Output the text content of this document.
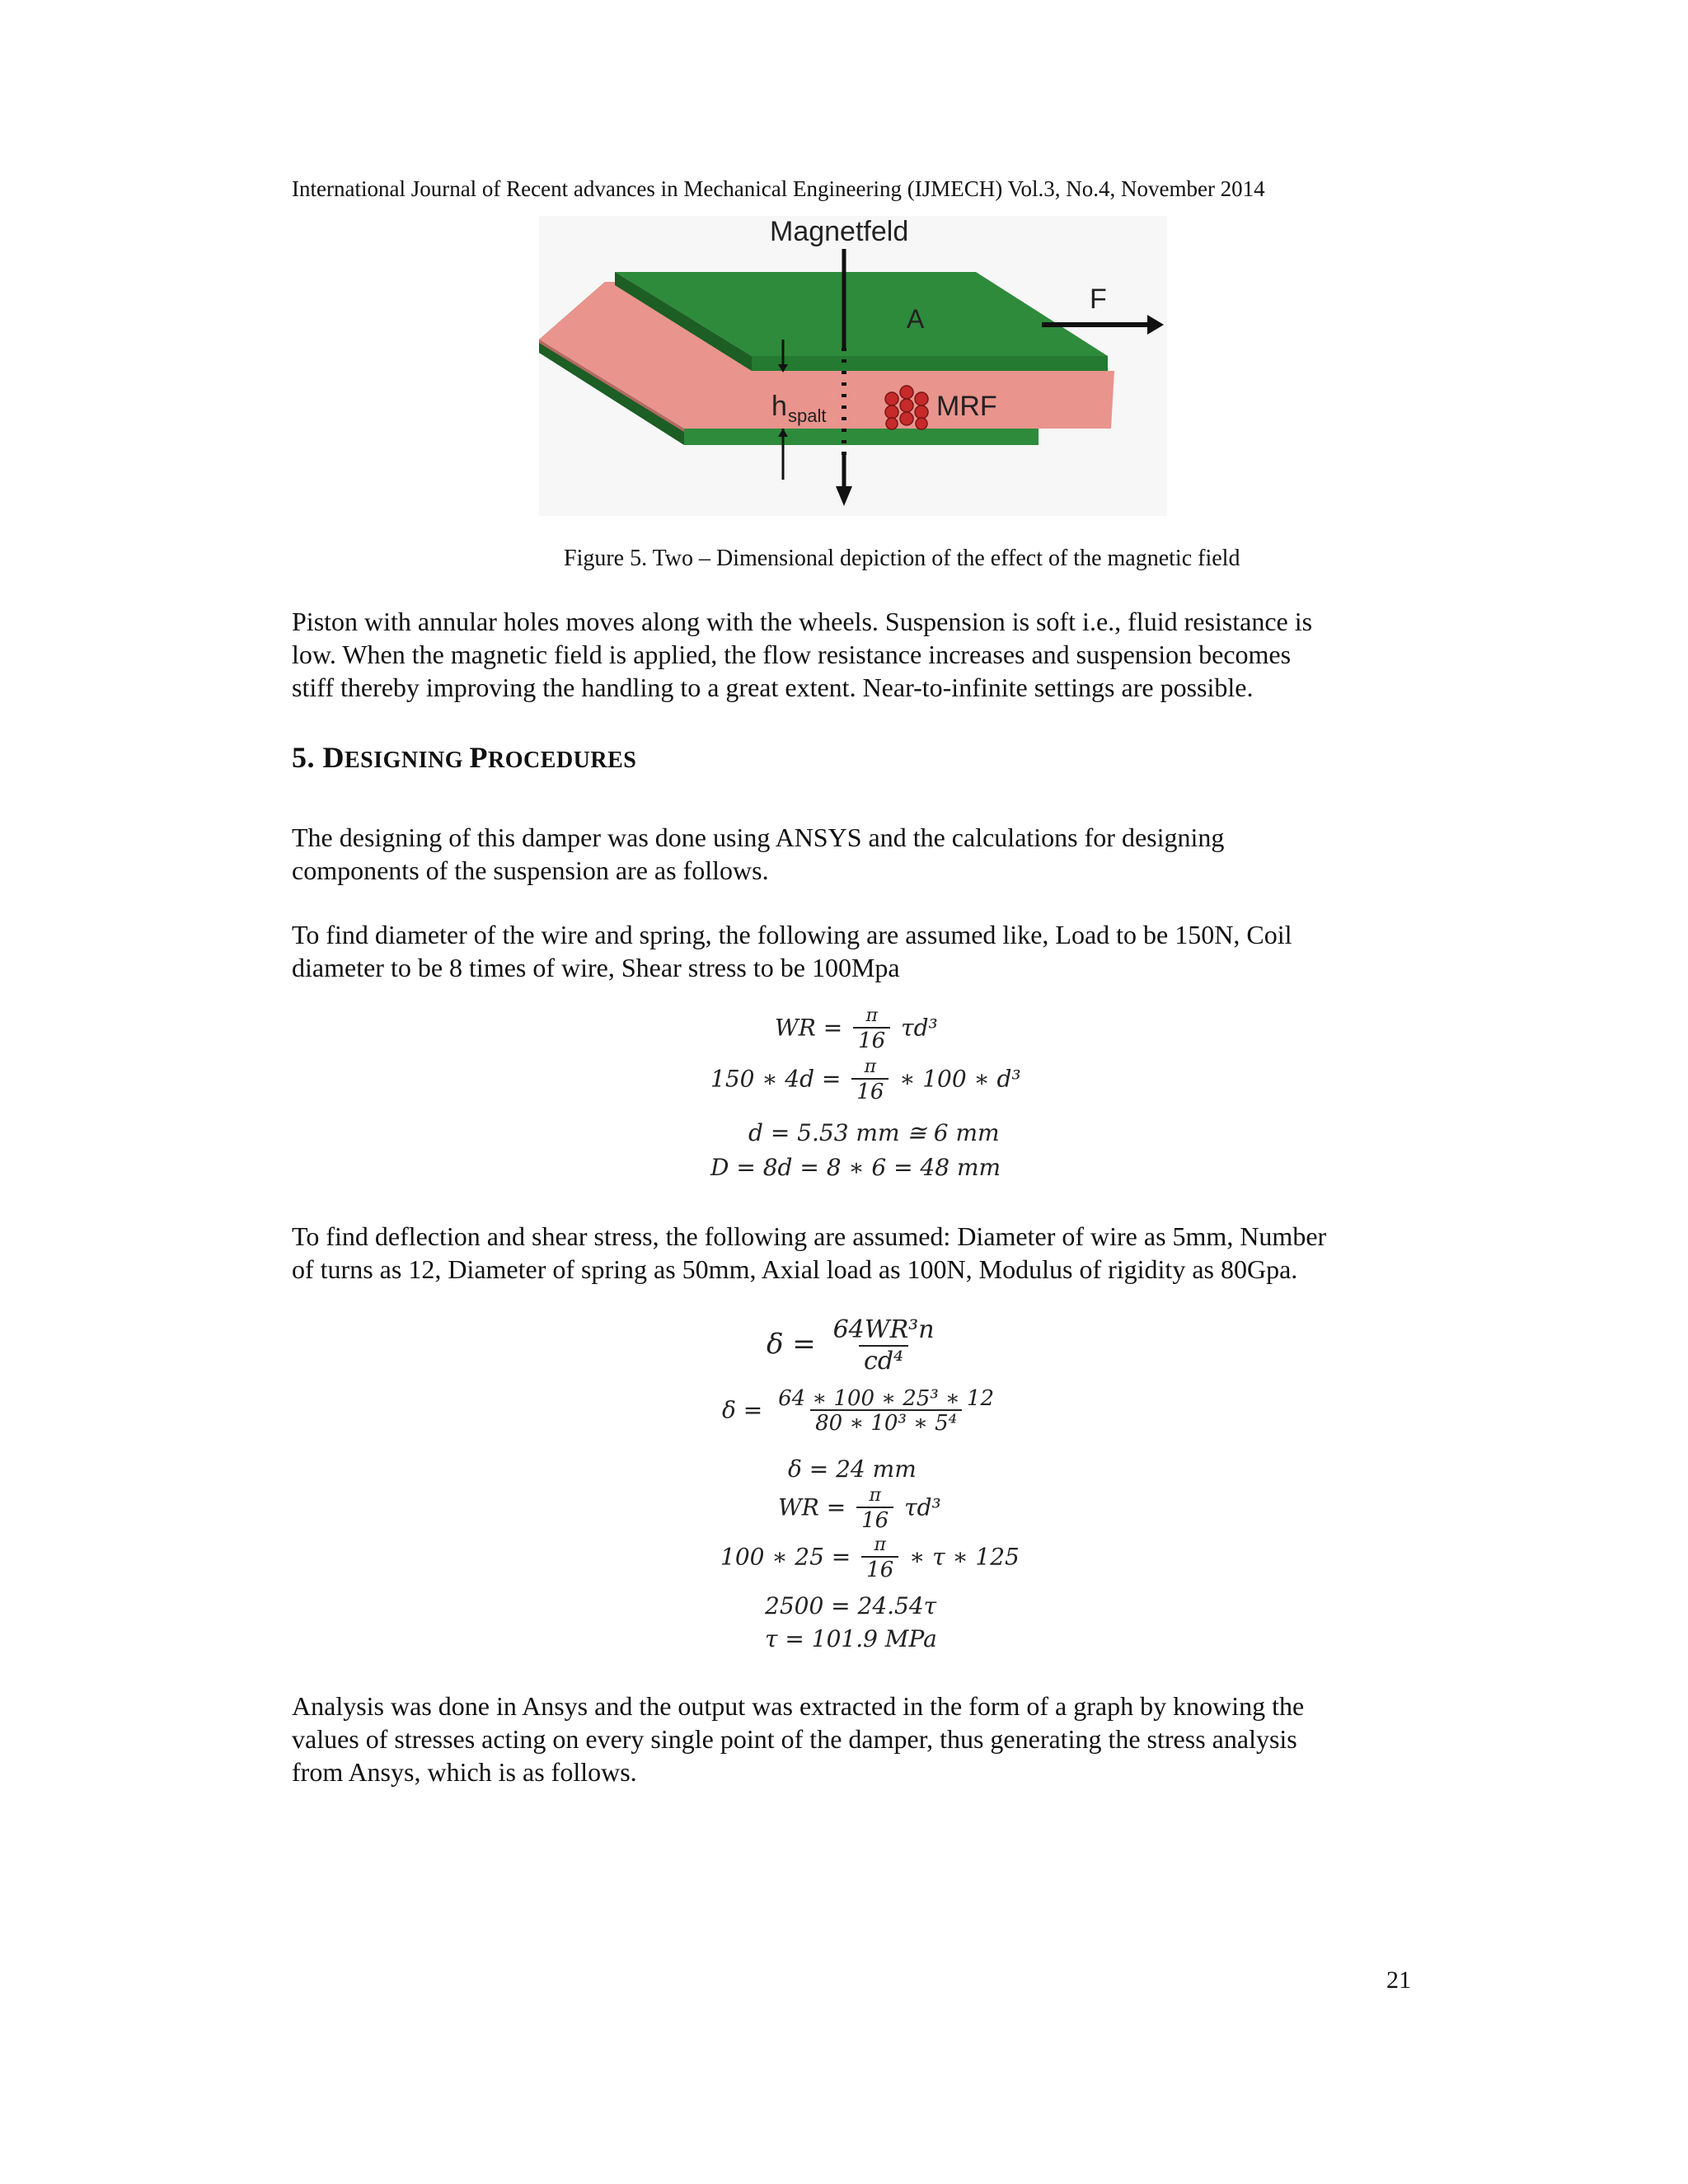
International Journal of Recent advances in Mechanical Engineering (IJMECH) Vol.3, No.4, November 2014
Magnetfeld
A
F
h spalt	MRF
Figure 5. Two – Dimensional depiction of the effect of the magnetic field
Piston with annular holes moves along with the wheels. Suspension is soft i.e., fluid resistance is
low. When the magnetic field is applied, the flow resistance increases and suspension becomes
stiff thereby improving the handling to a great extent. Near-to-infinite settings are possible.
5. DESIGNING PROCEDURES
The designing of this damper was done using ANSYS and the calculations for designing
components of the suspension are as follows.
To find diameter of the wire and spring, the following are assumed like, Load to be 150N, Coil
diameter to be 8 times of wire, Shear stress to be 100Mpa
WR = $\frac{\pi}{16} \tau d^3$
150 ∗ $4d = \frac{\pi}{16}$ ∗ 100 ∗ d³
d = 5.53 mm ≅ 6 mm
D = 8d = 8 ∗ 6 = 48 mm
To find deflection and shear stress, the following are assumed: Diameter of wire as 5mm, Number
of turns as 12, Diameter of spring as 50mm, Axial load as 100N, Modulus of rigidity as 80Gpa.
$\delta = \frac{\text{64WR³n}}{\text{cd⁴}}$
$\delta = \frac{\text{64 ∗ 100 ∗ 25³ ∗ 12}}{\text{80 ∗ 10³ ∗ 5⁴}}$
δ = 24 mm
WR = $\frac{\pi}{16} \tau d^3$
100 ∗ $25 = \frac{\pi}{16}$ ∗ τ ∗ 125
2500 = 24.54τ
τ = 101.9 MPa
Analysis was done in Ansys and the output was extracted in the form of a graph by knowing the
values of stresses acting on every single point of the damper, thus generating the stress analysis
from Ansys, which is as follows.
21
